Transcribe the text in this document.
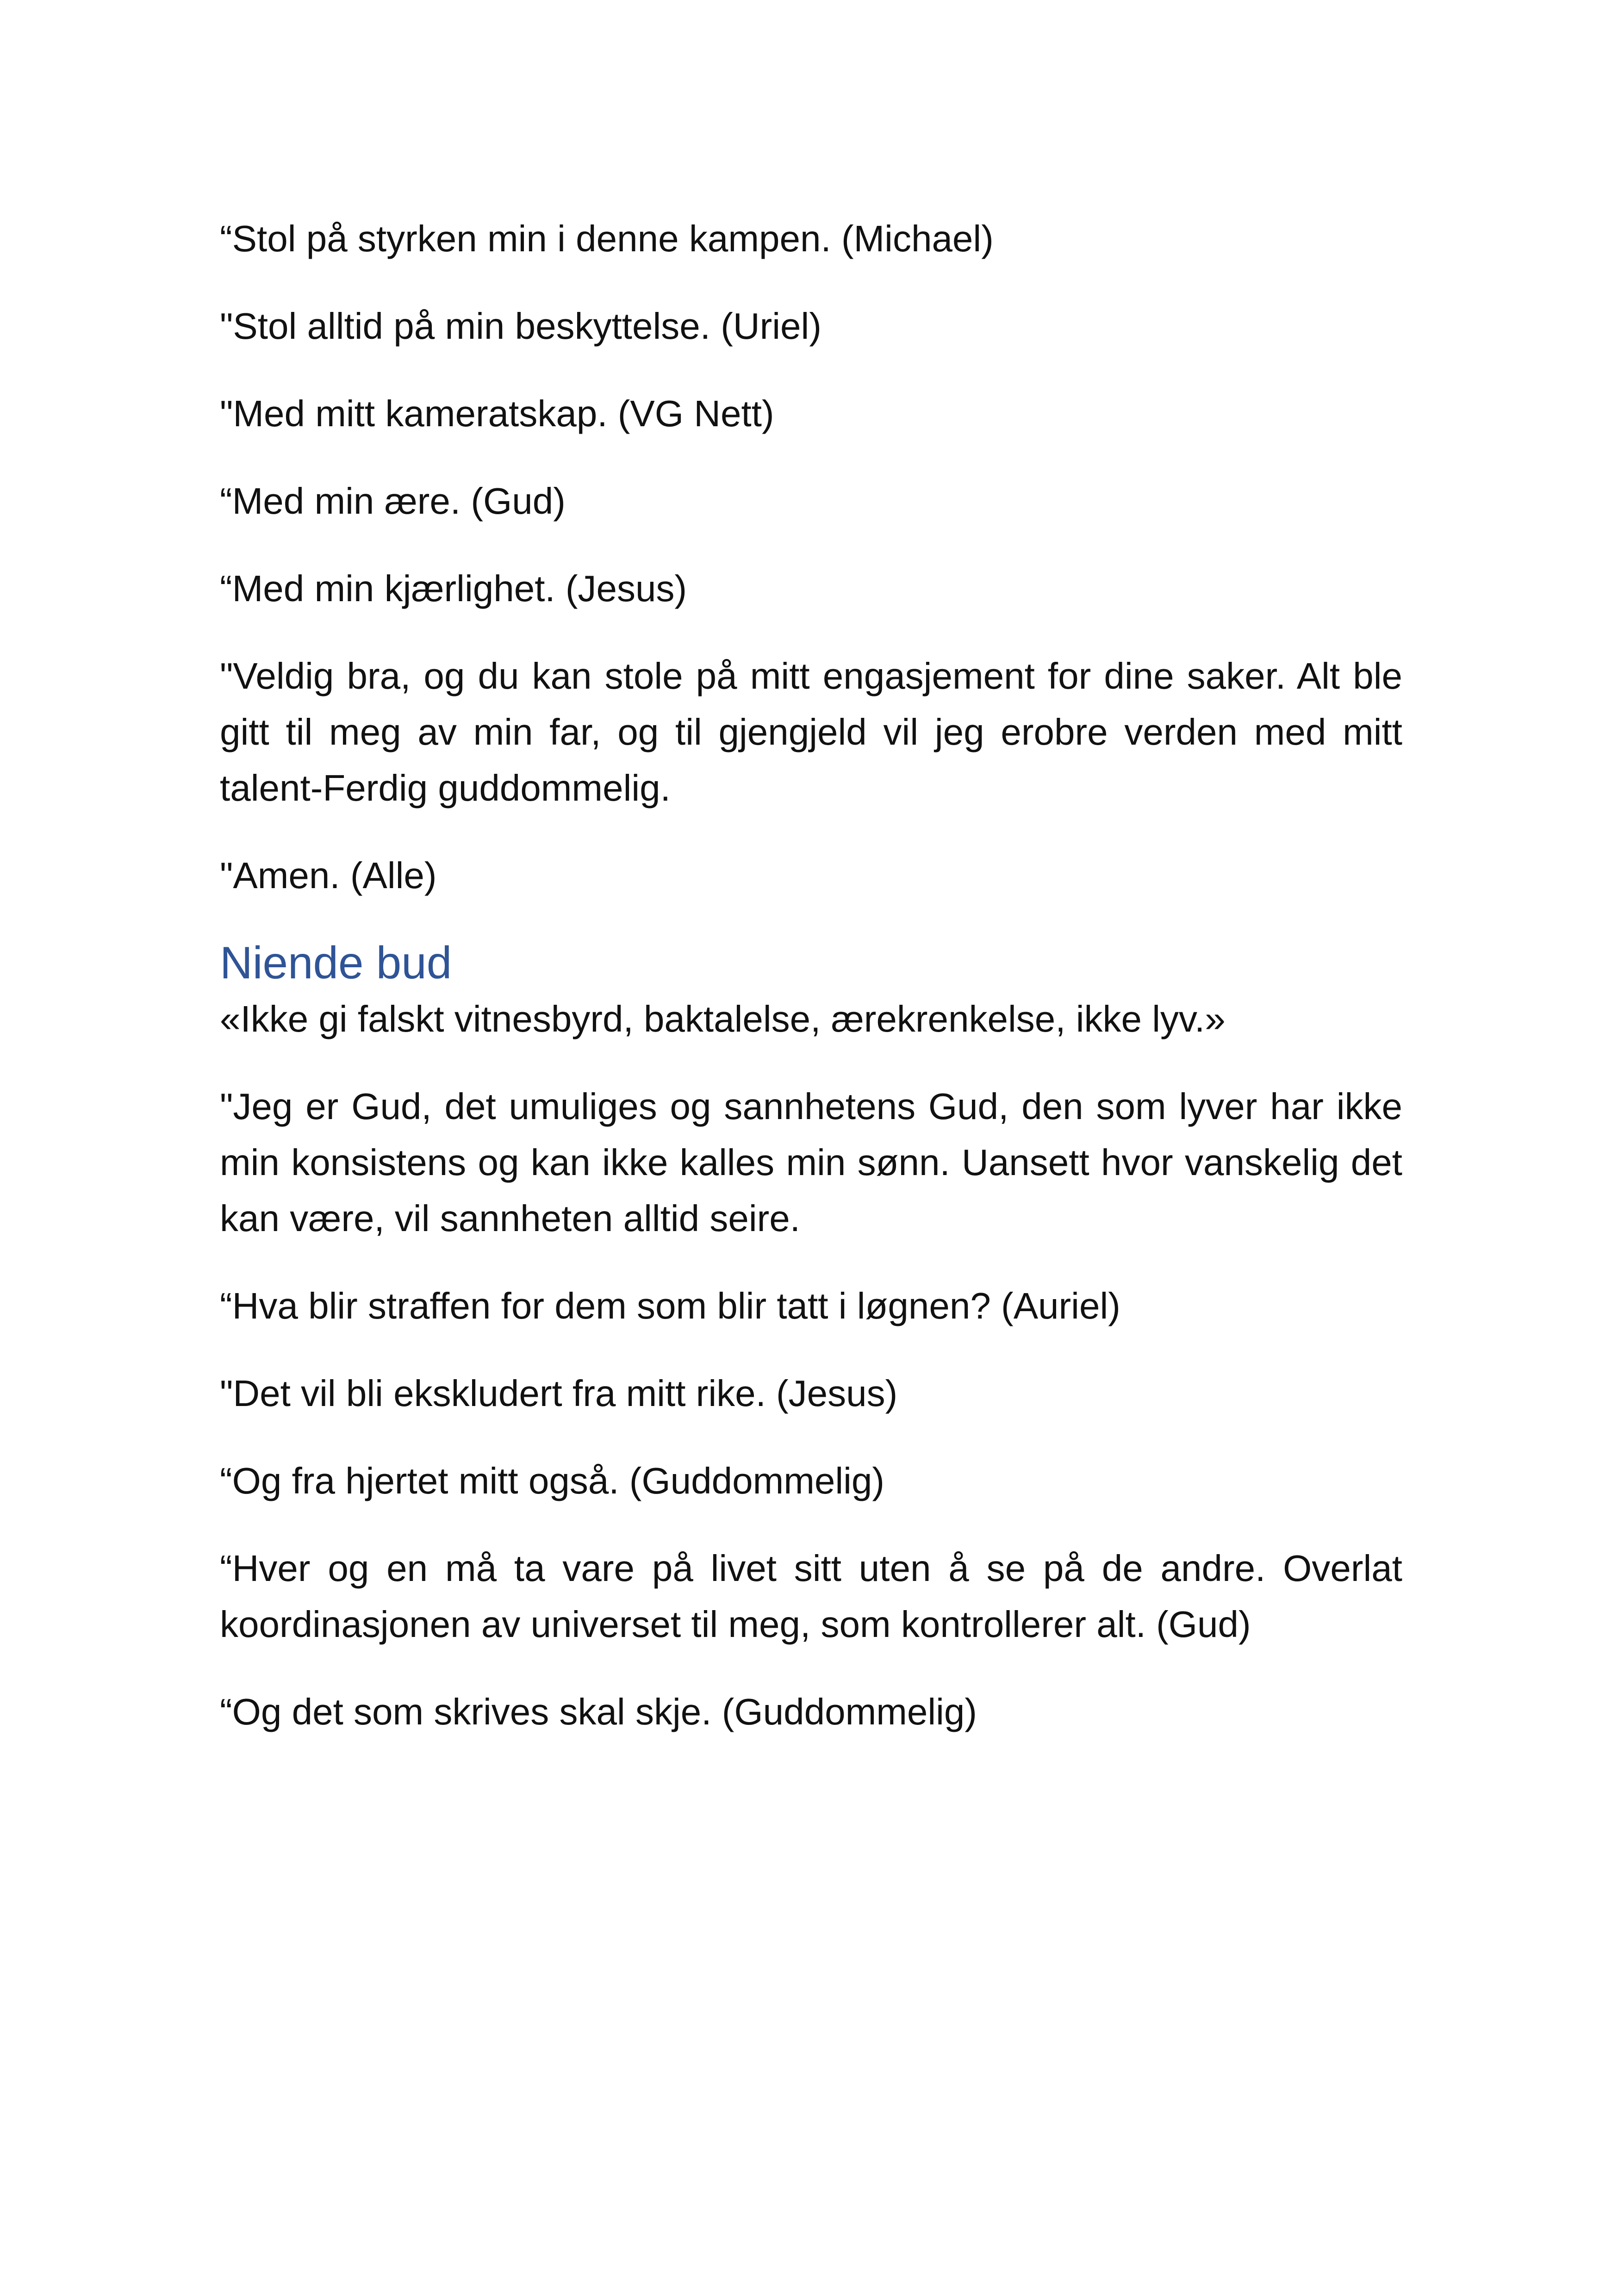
“Stol på styrken min i denne kampen. (Michael)

"Stol alltid på min beskyttelse. (Uriel)

"Med mitt kameratskap. (VG Nett)

“Med min ære. (Gud)

“Med min kjærlighet. (Jesus)

"Veldig bra, og du kan stole på mitt engasjement for dine saker. Alt ble gitt til meg av min far, og til gjengjeld vil jeg erobre verden med mitt talent-Ferdig guddommelig.

"Amen. (Alle)

Niende bud

«Ikke gi falskt vitnesbyrd, baktalelse, ærekrenkelse, ikke lyv.»

"Jeg er Gud, det umuliges og sannhetens Gud, den som lyver har ikke min konsistens og kan ikke kalles min sønn. Uansett hvor vanskelig det kan være, vil sannheten alltid seire.

“Hva blir straffen for dem som blir tatt i løgnen? (Auriel)

"Det vil bli ekskludert fra mitt rike. (Jesus)

“Og fra hjertet mitt også. (Guddommelig)

“Hver og en må ta vare på livet sitt uten å se på de andre. Overlat koordinasjonen av universet til meg, som kontrollerer alt. (Gud)

“Og det som skrives skal skje. (Guddommelig)
